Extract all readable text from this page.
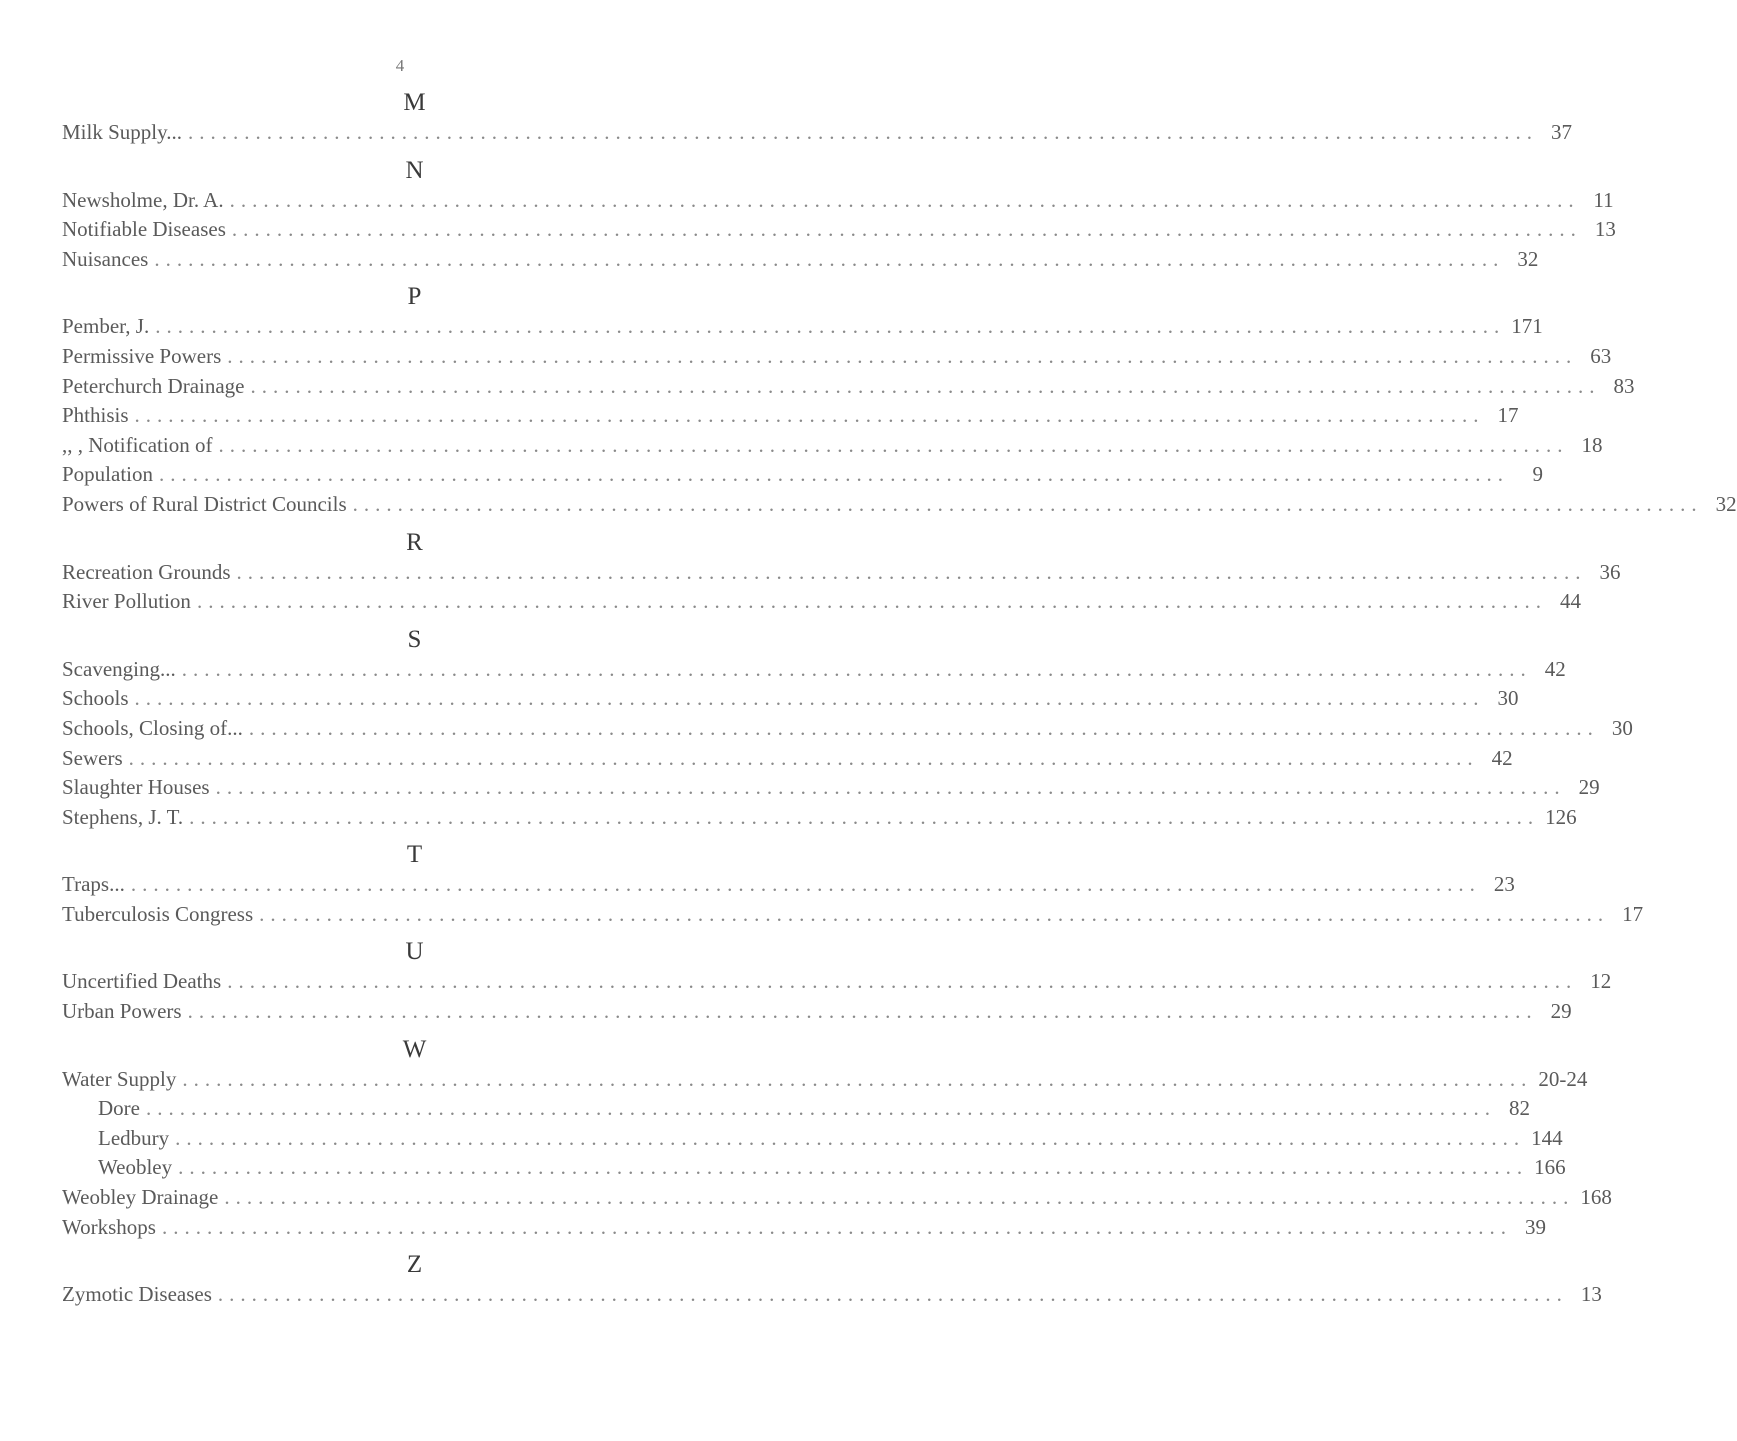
4
M
Milk Supply... ........................................................................................................................ 37
N
Newsholme, Dr. A. ........................................................................................................................ 11
Notifiable Diseases ........................................................................................................................ 13
Nuisances ........................................................................................................................ 32
P
Pember, J. ........................................................................................................................ 171
Permissive Powers ........................................................................................................................ 63
Peterchurch Drainage ........................................................................................................................ 83
Phthisis ........................................................................................................................ 17
,, , Notification of ........................................................................................................................ 18
Population ........................................................................................................................	9
Powers of Rural District Councils ........................................................................................................................ 32
R
Recreation Grounds ........................................................................................................................ 36
River Pollution ........................................................................................................................ 44
S
Scavenging... ........................................................................................................................ 42
Schools ........................................................................................................................ 30
Schools, Closing of... ........................................................................................................................ 30
Sewers ........................................................................................................................ 42
Slaughter Houses ........................................................................................................................ 29
Stephens, J. T. ........................................................................................................................ 126
T
Traps... ........................................................................................................................ 23
Tuberculosis Congress ........................................................................................................................ 17
U
Uncertified Deaths ........................................................................................................................ 12
Urban Powers ........................................................................................................................ 29
W
Water Supply ........................................................................................................................ 20-24
Dore ........................................................................................................................ 82
Ledbury ........................................................................................................................ 144
Weobley ........................................................................................................................ 166
Weobley Drainage ........................................................................................................................ 168
Workshops ........................................................................................................................ 39
Z
Zymotic Diseases ........................................................................................................................ 13
